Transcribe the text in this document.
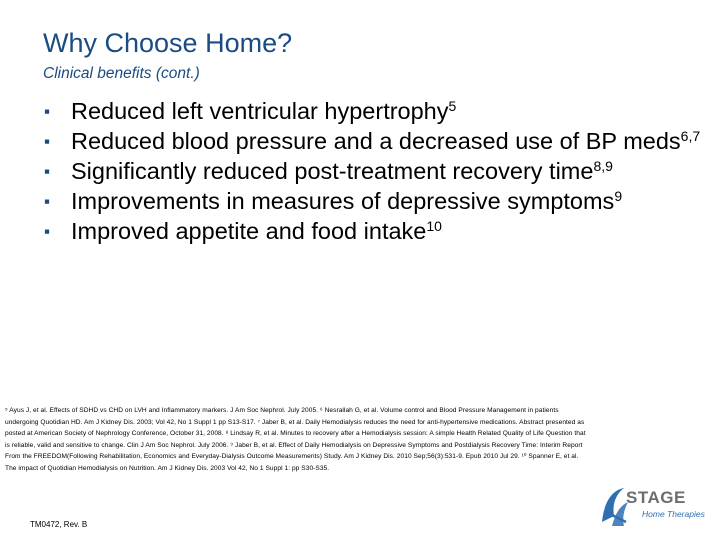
Why Choose Home?
Clinical benefits (cont.)
▪ Reduced left ventricular hypertrophy$^5$
▪ Reduced blood pressure and a decreased use of BP meds$^{6,7}$
▪ Significantly reduced post-treatment recovery time$^{8,9}$
▪ Improvements in measures of depressive symptoms$^9$
▪ Improved appetite and food intake$^{10}$
⁵ Ayus J, et al. Effects of SDHD vs CHD on LVH and Inflammatory markers. J Am Soc Nephrol. July 2005. ⁶ Nesrallah G, et al. Volume control and Blood Pressure Management in patients
undergoing Quotidian HD. Am J Kidney Dis. 2003; Vol 42, No 1 Suppl 1 pp S13-S17. ⁷ Jaber B, et al. Daily Hemodialysis reduces the need for anti-hypertensive medications. Abstract presented as
posted at American Society of Nephrology Conference, October 31, 2008. ⁸ Lindsay R, et al. Minutes to recovery after a Hemodialysis session: A simple Health Related Quality of Life Question that
is reliable, valid and sensitive to change. Clin J Am Soc Nephrol. July 2006. ⁹ Jaber B, et al. Effect of Daily Hemodialysis on Depressive Symptoms and Postdialysis Recovery Time: Interim Report
From the FREEDOM(Following Rehabilitation, Economics and Everyday-Dialysis Outcome Measurements) Study. Am J Kidney Dis. 2010 Sep;56(3):531-9. Epub 2010 Jul 29. ¹⁰ Spanner E, et al.
The impact of Quotidian Hemodialysis on Nutrition. Am J Kidney Dis. 2003 Vol 42, No 1 Suppl 1: pp S30-S35.
TM0472, Rev. B
STAGE
Home Therapies
